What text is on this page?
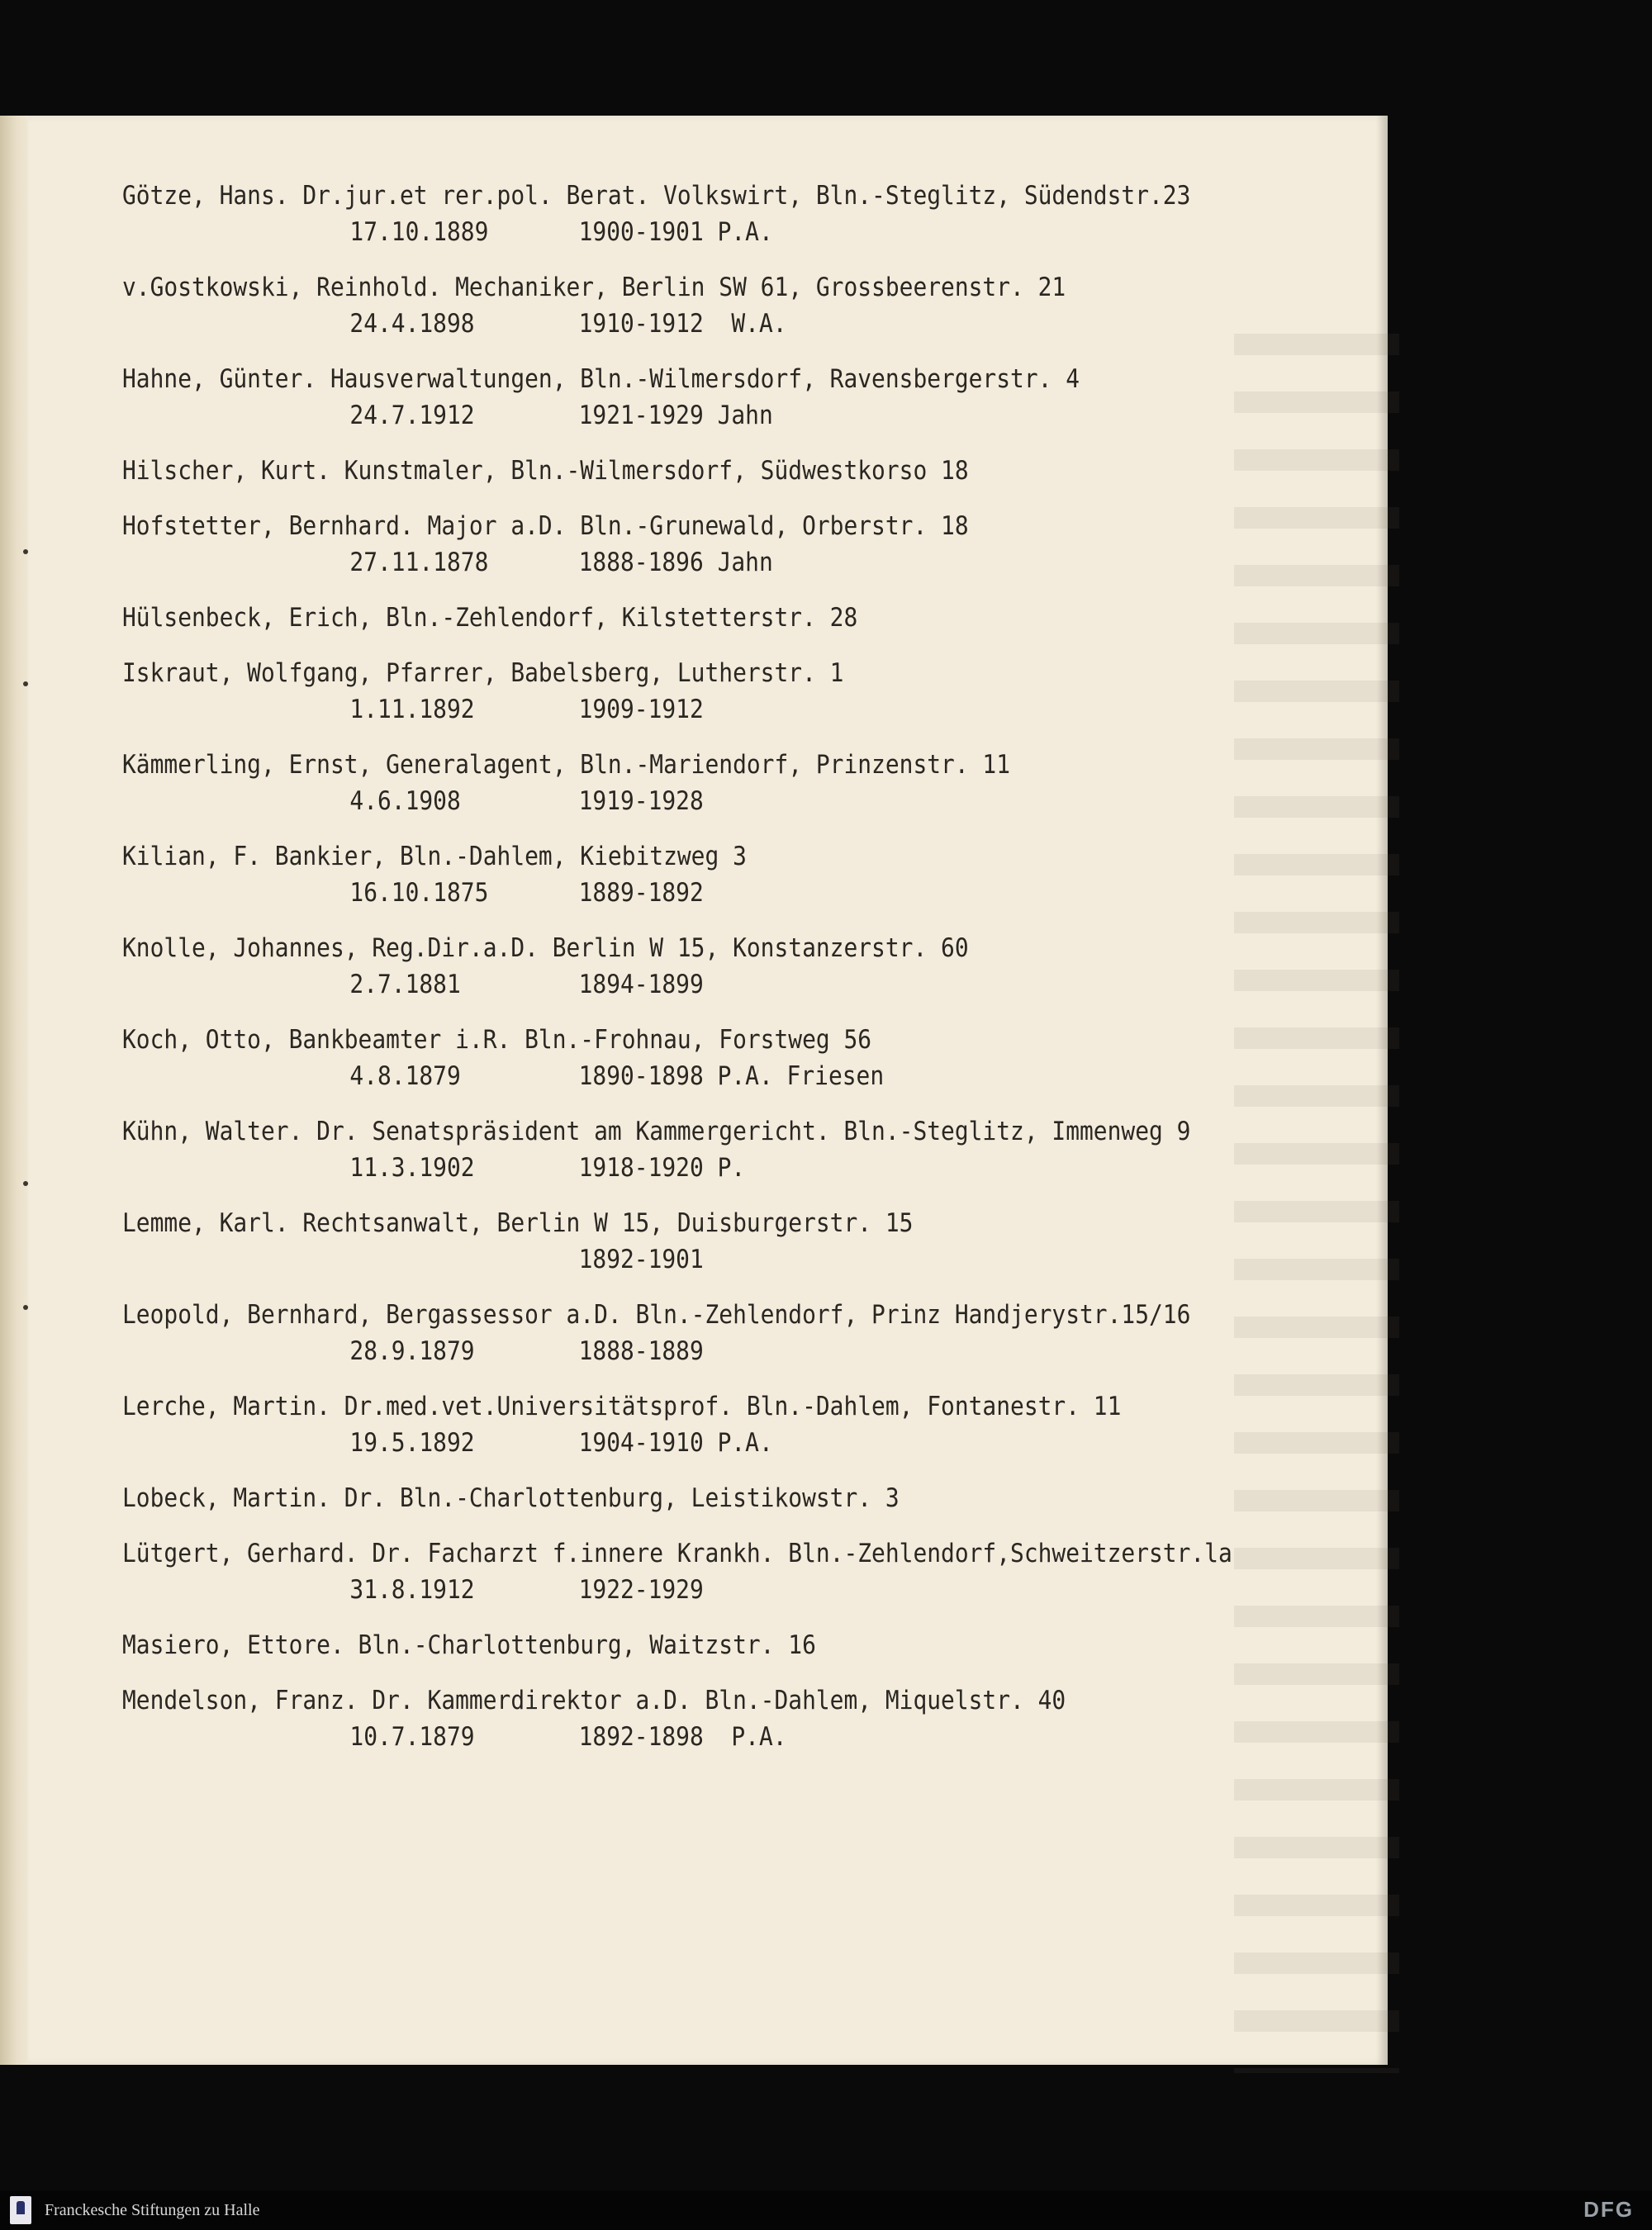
Götze, Hans. Dr.jur.et rer.pol. Berat. Volkswirt, Bln.-Steglitz, Südendstr.23
17.10.1889	1900-1901 P.A.
v.Gostkowski, Reinhold. Mechaniker, Berlin SW 61, Grossbeerenstr. 21
24.4.1898	1910-1912  W.A.
Hahne, Günter. Hausverwaltungen, Bln.-Wilmersdorf, Ravensbergerstr. 4
24.7.1912	1921-1929 Jahn
Hilscher, Kurt. Kunstmaler, Bln.-Wilmersdorf, Südwestkorso 18
Hofstetter, Bernhard. Major a.D. Bln.-Grunewald, Orberstr. 18
27.11.1878	1888-1896 Jahn
Hülsenbeck, Erich, Bln.-Zehlendorf, Kilstetterstr. 28
Iskraut, Wolfgang, Pfarrer, Babelsberg, Lutherstr. 1
1.11.1892	1909-1912
Kämmerling, Ernst, Generalagent, Bln.-Mariendorf, Prinzenstr. 11
4.6.1908	1919-1928
Kilian, F. Bankier, Bln.-Dahlem, Kiebitzweg 3
16.10.1875	1889-1892
Knolle, Johannes, Reg.Dir.a.D. Berlin W 15, Konstanzerstr. 60
2.7.1881	1894-1899
Koch, Otto, Bankbeamter i.R. Bln.-Frohnau, Forstweg 56
4.8.1879	1890-1898 P.A. Friesen
Kühn, Walter. Dr. Senatspräsident am Kammergericht. Bln.-Steglitz, Immenweg 9
11.3.1902	1918-1920 P.
Lemme, Karl. Rechtsanwalt, Berlin W 15, Duisburgerstr. 15
1892-1901
Leopold, Bernhard, Bergassessor a.D. Bln.-Zehlendorf, Prinz Handjerystr.15/16
28.9.1879	1888-1889
Lerche, Martin. Dr.med.vet.Universitätsprof. Bln.-Dahlem, Fontanestr. 11
19.5.1892	1904-1910 P.A.
Lobeck, Martin. Dr. Bln.-Charlottenburg, Leistikowstr. 3
Lütgert, Gerhard. Dr. Facharzt f.innere Krankh. Bln.-Zehlendorf,Schweitzerstr.la
31.8.1912	1922-1929
Masiero, Ettore. Bln.-Charlottenburg, Waitzstr. 16
Mendelson, Franz. Dr. Kammerdirektor a.D. Bln.-Dahlem, Miquelstr. 40
10.7.1879	1892-1898  P.A.
Franckesche Stiftungen zu Halle	DFG
